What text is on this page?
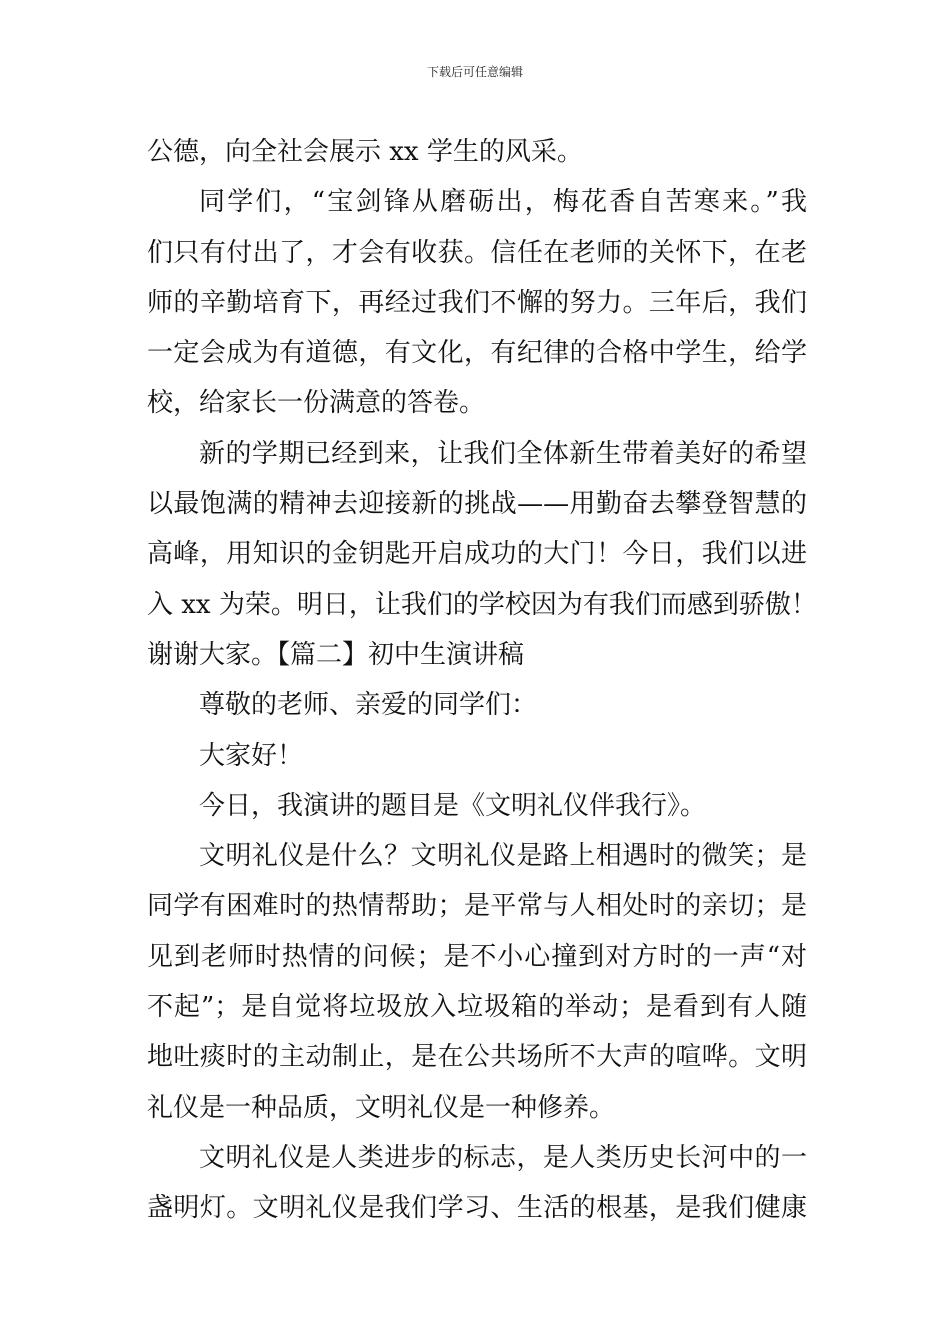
下载后可任意编辑
公德，向全社会展示 xx 学生的风采。
同学们，“宝剑锋从磨砺出，梅花香自苦寒来。”我
们只有付出了，才会有收获。信任在老师的关怀下，在老
师的辛勤培育下，再经过我们不懈的努力。三年后，我们
一定会成为有道德，有文化，有纪律的合格中学生，给学
校，给家长一份满意的答卷。
新的学期已经到来，让我们全体新生带着美好的希望
以最饱满的精神去迎接新的挑战——用勤奋去攀登智慧的
高峰，用知识的金钥匙开启成功的大门！今日，我们以进
入 xx 为荣。明日，让我们的学校因为有我们而感到骄傲！
谢谢大家。【篇二】初中生演讲稿
尊敬的老师、亲爱的同学们：
大家好！
今日，我演讲的题目是《文明礼仪伴我行》。
文明礼仪是什么？文明礼仪是路上相遇时的微笑；是
同学有困难时的热情帮助；是平常与人相处时的亲切；是
见到老师时热情的问候；是不小心撞到对方时的一声“对
不起”；是自觉将垃圾放入垃圾箱的举动；是看到有人随
地吐痰时的主动制止，是在公共场所不大声的喧哗。文明
礼仪是一种品质，文明礼仪是一种修养。
文明礼仪是人类进步的标志，是人类历史长河中的一
盏明灯。文明礼仪是我们学习、生活的根基，是我们健康
